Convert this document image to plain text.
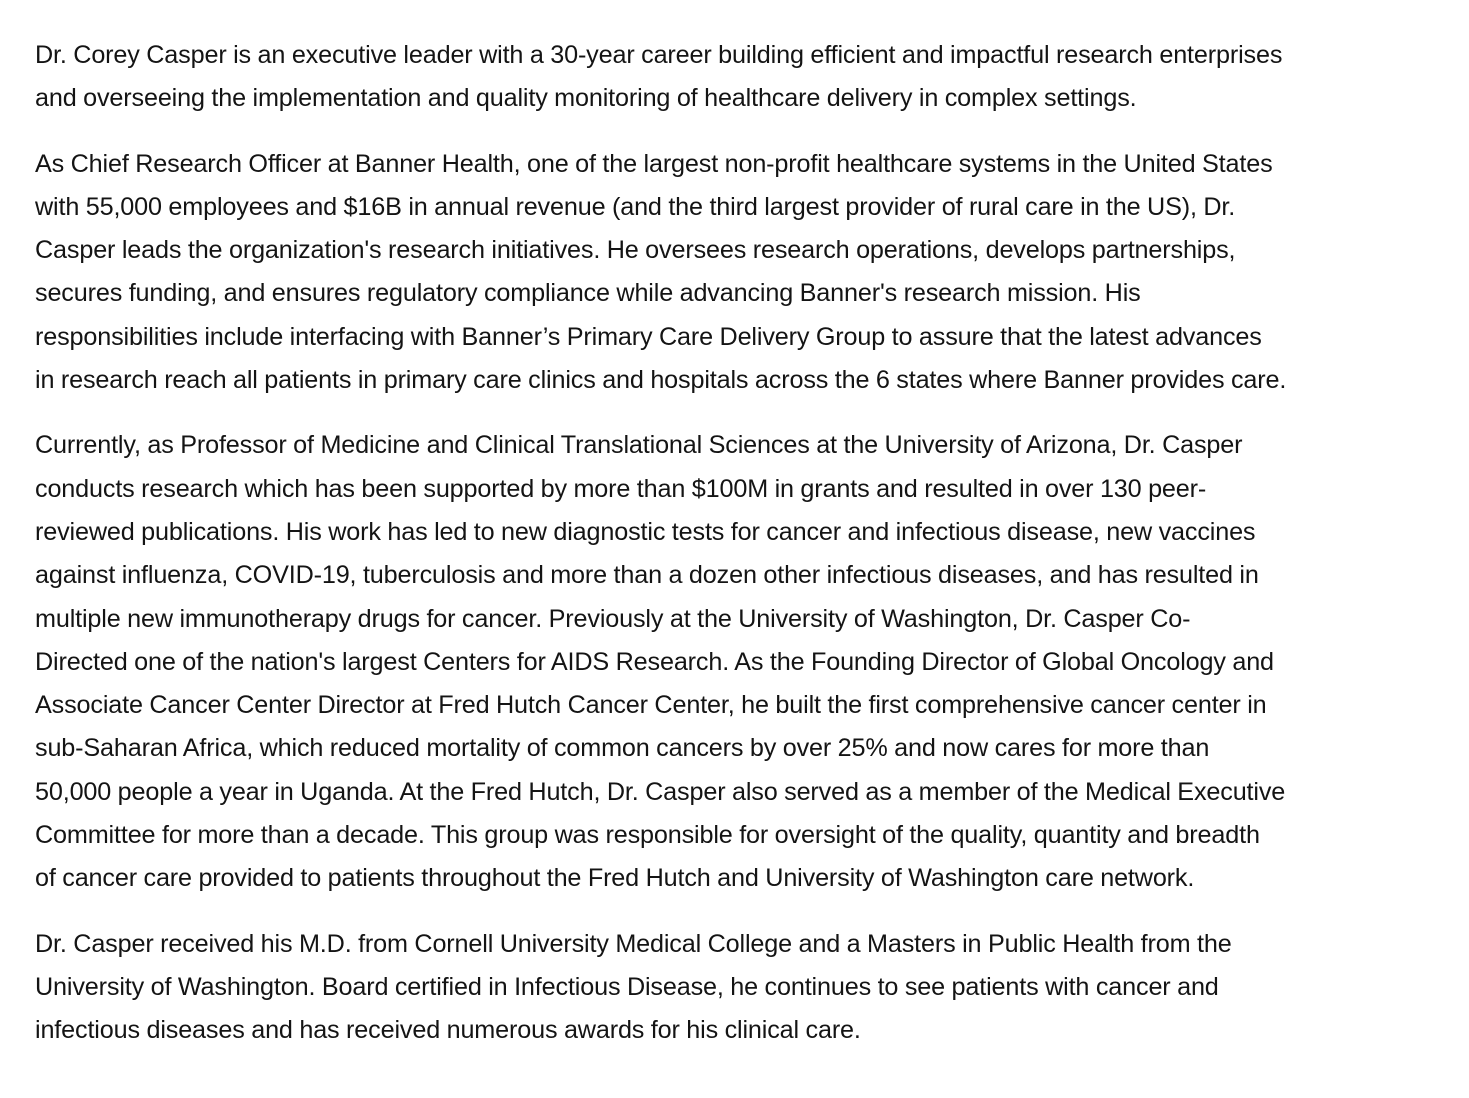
Dr. Corey Casper is an executive leader with a 30-year career building efficient and impactful research enterprises
and overseeing the implementation and quality monitoring of healthcare delivery in complex settings.

As Chief Research Officer at Banner Health, one of the largest non-profit healthcare systems in the United States
with 55,000 employees and $16B in annual revenue (and the third largest provider of rural care in the US), Dr.
Casper leads the organization's research initiatives. He oversees research operations, develops partnerships,
secures funding, and ensures regulatory compliance while advancing Banner's research mission. His
responsibilities include interfacing with Banner’s Primary Care Delivery Group to assure that the latest advances
in research reach all patients in primary care clinics and hospitals across the 6 states where Banner provides care.

Currently, as Professor of Medicine and Clinical Translational Sciences at the University of Arizona, Dr. Casper
conducts research which has been supported by more than $100M in grants and resulted in over 130 peer-
reviewed publications. His work has led to new diagnostic tests for cancer and infectious disease, new vaccines
against influenza, COVID-19, tuberculosis and more than a dozen other infectious diseases, and has resulted in
multiple new immunotherapy drugs for cancer. Previously at the University of Washington, Dr. Casper Co-
Directed one of the nation's largest Centers for AIDS Research. As the Founding Director of Global Oncology and
Associate Cancer Center Director at Fred Hutch Cancer Center, he built the first comprehensive cancer center in
sub-Saharan Africa, which reduced mortality of common cancers by over 25% and now cares for more than
50,000 people a year in Uganda. At the Fred Hutch, Dr. Casper also served as a member of the Medical Executive
Committee for more than a decade. This group was responsible for oversight of the quality, quantity and breadth
of cancer care provided to patients throughout the Fred Hutch and University of Washington care network.

Dr. Casper received his M.D. from Cornell University Medical College and a Masters in Public Health from the
University of Washington. Board certified in Infectious Disease, he continues to see patients with cancer and
infectious diseases and has received numerous awards for his clinical care.
